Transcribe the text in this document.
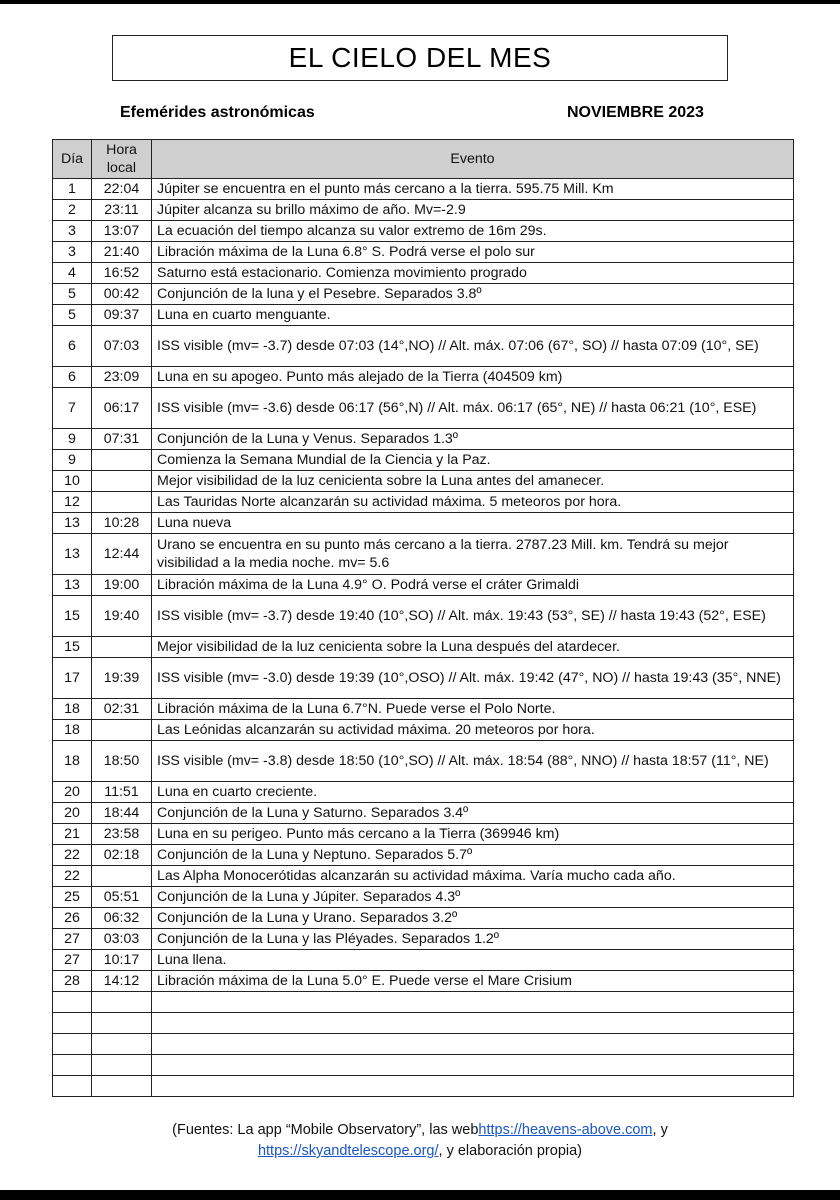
EL CIELO DEL MES
Efemérides astronómicas	NOVIEMBRE 2023
Día	Hora local	Evento
1	22:04	Júpiter se encuentra en el punto más cercano a la tierra. 595.75 Mill. Km
2	23:11	Júpiter alcanza su brillo máximo de año. Mv=-2.9
3	13:07	La ecuación del tiempo alcanza su valor extremo de 16m 29s.
3	21:40	Libración máxima de la Luna 6.8° S. Podrá verse el polo sur
4	16:52	Saturno está estacionario. Comienza movimiento progrado
5	00:42	Conjunción de la luna y el Pesebre. Separados 3.8º
5	09:37	Luna en cuarto menguante.
6	07:03	ISS visible (mv= -3.7) desde 07:03 (14°,NO) // Alt. máx. 07:06 (67°, SO) // hasta 07:09 (10°, SE)
6	23:09	Luna en su apogeo. Punto más alejado de la Tierra (404509 km)
7	06:17	ISS visible (mv= -3.6) desde 06:17 (56°,N) // Alt. máx. 06:17 (65°, NE) // hasta 06:21 (10°, ESE)
9	07:31	Conjunción de la Luna y Venus. Separados 1.3º
9		Comienza la Semana Mundial de la Ciencia y la Paz.
10		Mejor visibilidad de la luz cenicienta sobre la Luna antes del amanecer.
12		Las Tauridas Norte alcanzarán su actividad máxima. 5 meteoros por hora.
13	10:28	Luna nueva
13	12:44	Urano se encuentra en su punto más cercano a la tierra. 2787.23 Mill. km. Tendrá su mejor visibilidad a la media noche. mv= 5.6
13	19:00	Libración máxima de la Luna 4.9° O. Podrá verse el cráter Grimaldi
15	19:40	ISS visible (mv= -3.7) desde 19:40 (10°,SO) // Alt. máx. 19:43 (53°, SE) // hasta 19:43 (52°, ESE)
15		Mejor visibilidad de la luz cenicienta sobre la Luna después del atardecer.
17	19:39	ISS visible (mv= -3.0) desde 19:39 (10°,OSO) // Alt. máx. 19:42 (47°, NO) // hasta 19:43 (35°, NNE)
18	02:31	Libración máxima de la Luna 6.7°N. Puede verse el Polo Norte.
18		Las Leónidas alcanzarán su actividad máxima. 20 meteoros por hora.
18	18:50	ISS visible (mv= -3.8) desde 18:50 (10°,SO) // Alt. máx. 18:54 (88°, NNO) // hasta 18:57 (11°, NE)
20	11:51	Luna en cuarto creciente.
20	18:44	Conjunción de la Luna y Saturno. Separados 3.4º
21	23:58	Luna en su perigeo. Punto más cercano a la Tierra (369946 km)
22	02:18	Conjunción de la Luna y Neptuno. Separados 5.7º
22		Las Alpha Monocerótidas alcanzarán su actividad máxima. Varía mucho cada año.
25	05:51	Conjunción de la Luna y Júpiter. Separados 4.3º
26	06:32	Conjunción de la Luna y Urano. Separados 3.2º
27	03:03	Conjunción de la Luna y las Pléyades. Separados 1.2º
27	10:17	Luna llena.
28	14:12	Libración máxima de la Luna 5.0° E. Puede verse el Mare Crisium

(Fuentes: La app “Mobile Observatory”, las webhttps://heavens-above.com, y
https://skyandtelescope.org/, y elaboración propia)
